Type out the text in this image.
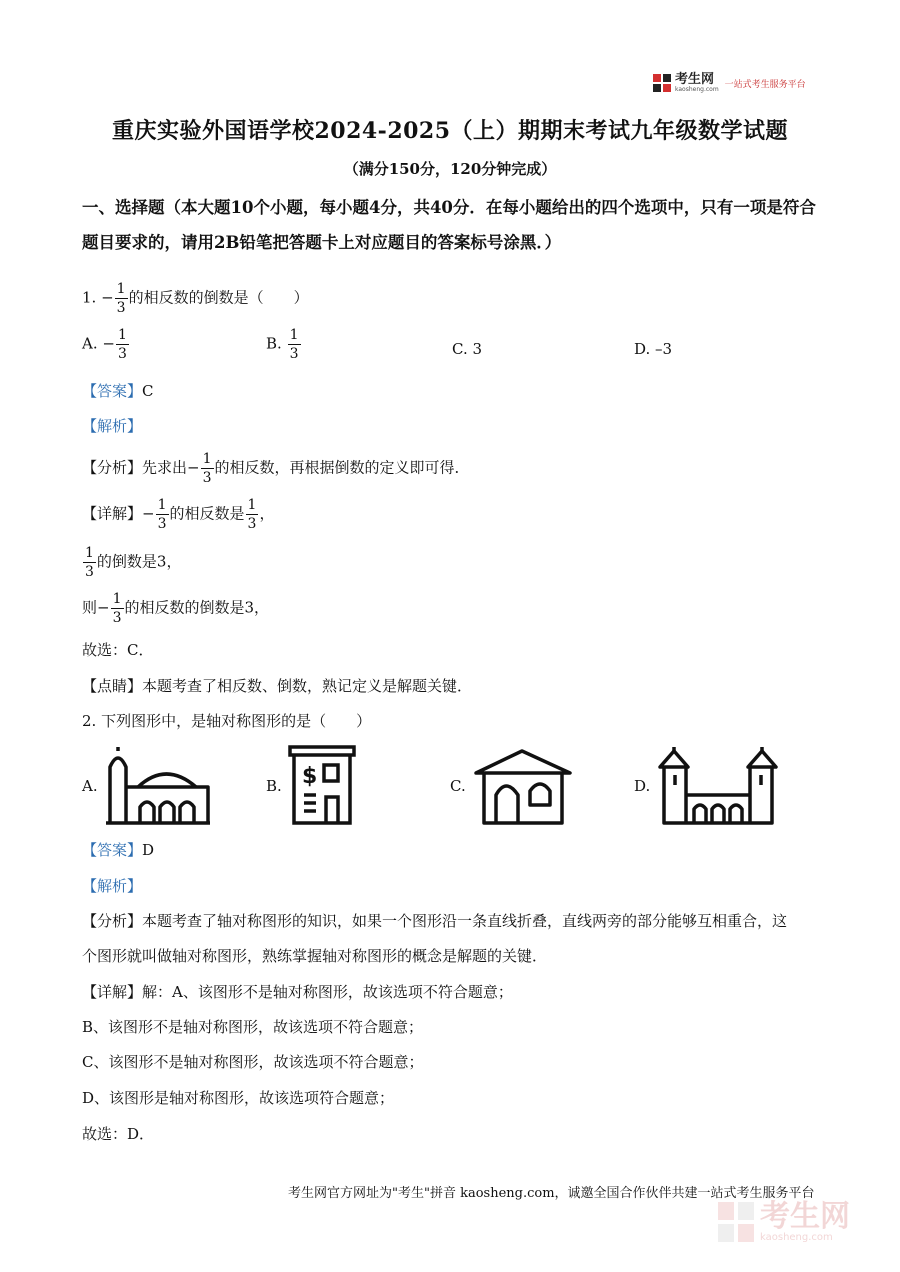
考生网
kaosheng.com 一站式考生服务平台
重庆实验外国语学校2024-2025（上）期期末考试九年级数学试题
（满分150分，120分钟完成）
一、选择题（本大题10个小题，每小题4分，共40分．在每小题给出的四个选项中，只有一项是符合题目要求的，请用2B铅笔把答题卡上对应题目的答案标号涂黑．）
1. − $\frac{1}{3}$ 的相反数的倒数是（　　）
A. − $\frac{1}{3}$	B. $\frac{1}{3}$	C. 3	D. –3
【答案】C
【解析】
【分析】先求出− $\frac{1}{3}$ 的相反数，再根据倒数的定义即可得．
【详解】− $\frac{1}{3}$ 的相反数是 $\frac{1}{3}$ ，
$\frac{1}{3}$ 的倒数是3，
则− $\frac{1}{3}$ 的相反数的倒数是3，
故选：C．
【点睛】本题考查了相反数、倒数，熟记定义是解题关键．
2. 下列图形中，是轴对称图形的是（　　）
A.	B.	C.	D.
$
【答案】D
【解析】
【分析】本题考查了轴对称图形的知识，如果一个图形沿一条直线折叠，直线两旁的部分能够互相重合，这
个图形就叫做轴对称图形，熟练掌握轴对称图形的概念是解题的关键．
【详解】解：A、该图形不是轴对称图形，故该选项不符合题意；
B、该图形不是轴对称图形，故该选项不符合题意；
C、该图形不是轴对称图形，故该选项不符合题意；
D、该图形是轴对称图形，故该选项符合题意；
故选：D．
考生网官方网址为"考生"拼音 kaosheng.com，诚邀全国合作伙伴共建一站式考生服务平台
考生网
kaosheng.com
